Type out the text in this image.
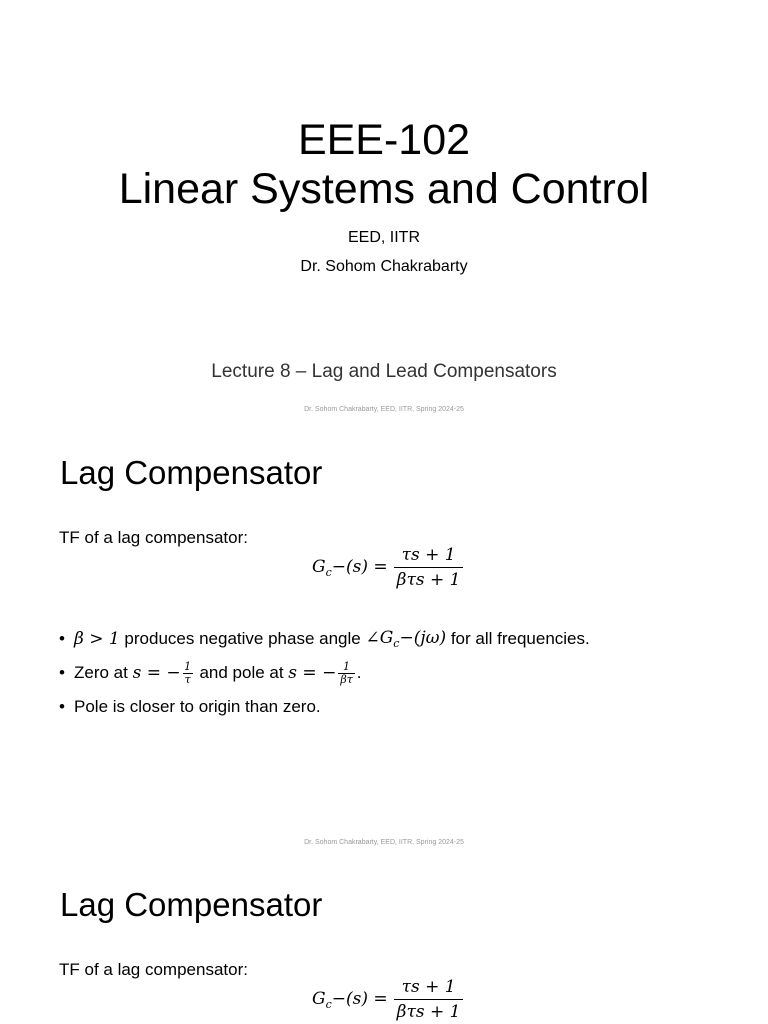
EEE-102
Linear Systems and Control
EED, IITR
Dr. Sohom Chakrabarty
Lecture 8 – Lag and Lead Compensators
Dr. Sohom Chakrabarty, EED, IITR, Spring 2024-25
Lag Compensator
TF of a lag compensator:
$G_c-(s) = \frac{\tau s + 1}{\text{βτs + 1}}$
• β > 1 produces negative phase angle $\angle G_c-(j\omega)$ for all frequencies.
• Zero at s = − $\frac{1}{\tau}$ and pole at s = − $\frac{1}{\beta\tau}$ .
• Pole is closer to origin than zero.
Dr. Sohom Chakrabarty, EED, IITR, Spring 2024-25
Lag Compensator
TF of a lag compensator:
$G_c-(s) = \frac{\tau s + 1}{\text{βτs + 1}}$
